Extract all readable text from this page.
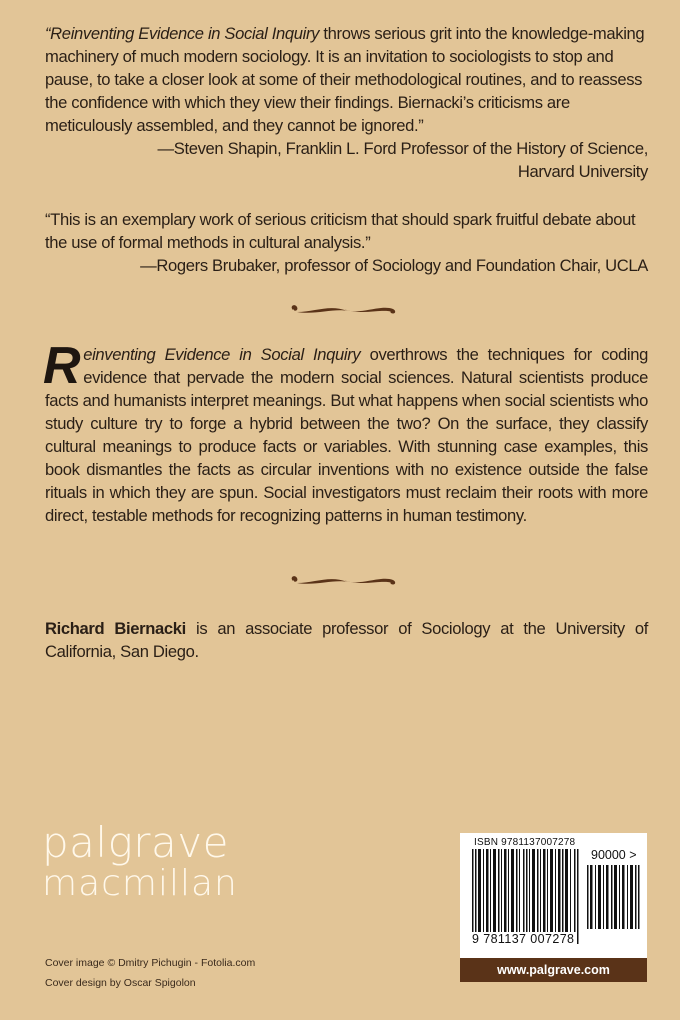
“Reinventing Evidence in Social Inquiry throws serious grit into the knowledge-making machinery of much modern sociology. It is an invitation to sociologists to stop and pause, to take a closer look at some of their methodological routines, and to reassess the confidence with which they view their findings. Biernacki’s criticisms are meticulously assembled, and they cannot be ignored.”
—Steven Shapin, Franklin L. Ford Professor of the History of Science,
Harvard University
“This is an exemplary work of serious criticism that should spark fruitful debate about the use of formal methods in cultural analysis.”
—Rogers Brubaker, professor of Sociology and Foundation Chair, UCLA
Reinventing Evidence in Social Inquiry overthrows the techniques for coding evidence that pervade the modern social sciences. Natural scientists produce facts and humanists interpret meanings. But what happens when social scientists who study culture try to forge a hybrid between the two? On the surface, they classify cultural meanings to produce facts or variables. With stunning case examples, this book dismantles the facts as circular inventions with no existence outside the false rituals in which they are spun. Social investigators must reclaim their roots with more direct, testable methods for recognizing patterns in human testimony.
Richard Biernacki is an associate professor of Sociology at the University of California, San Diego.
palgrave
macmillan
Cover image © Dmitry Pichugin - Fotolia.com
Cover design by Oscar Spigolon
ISBN 9781137007278
90000 >
9 781137 007278
www.palgrave.com
